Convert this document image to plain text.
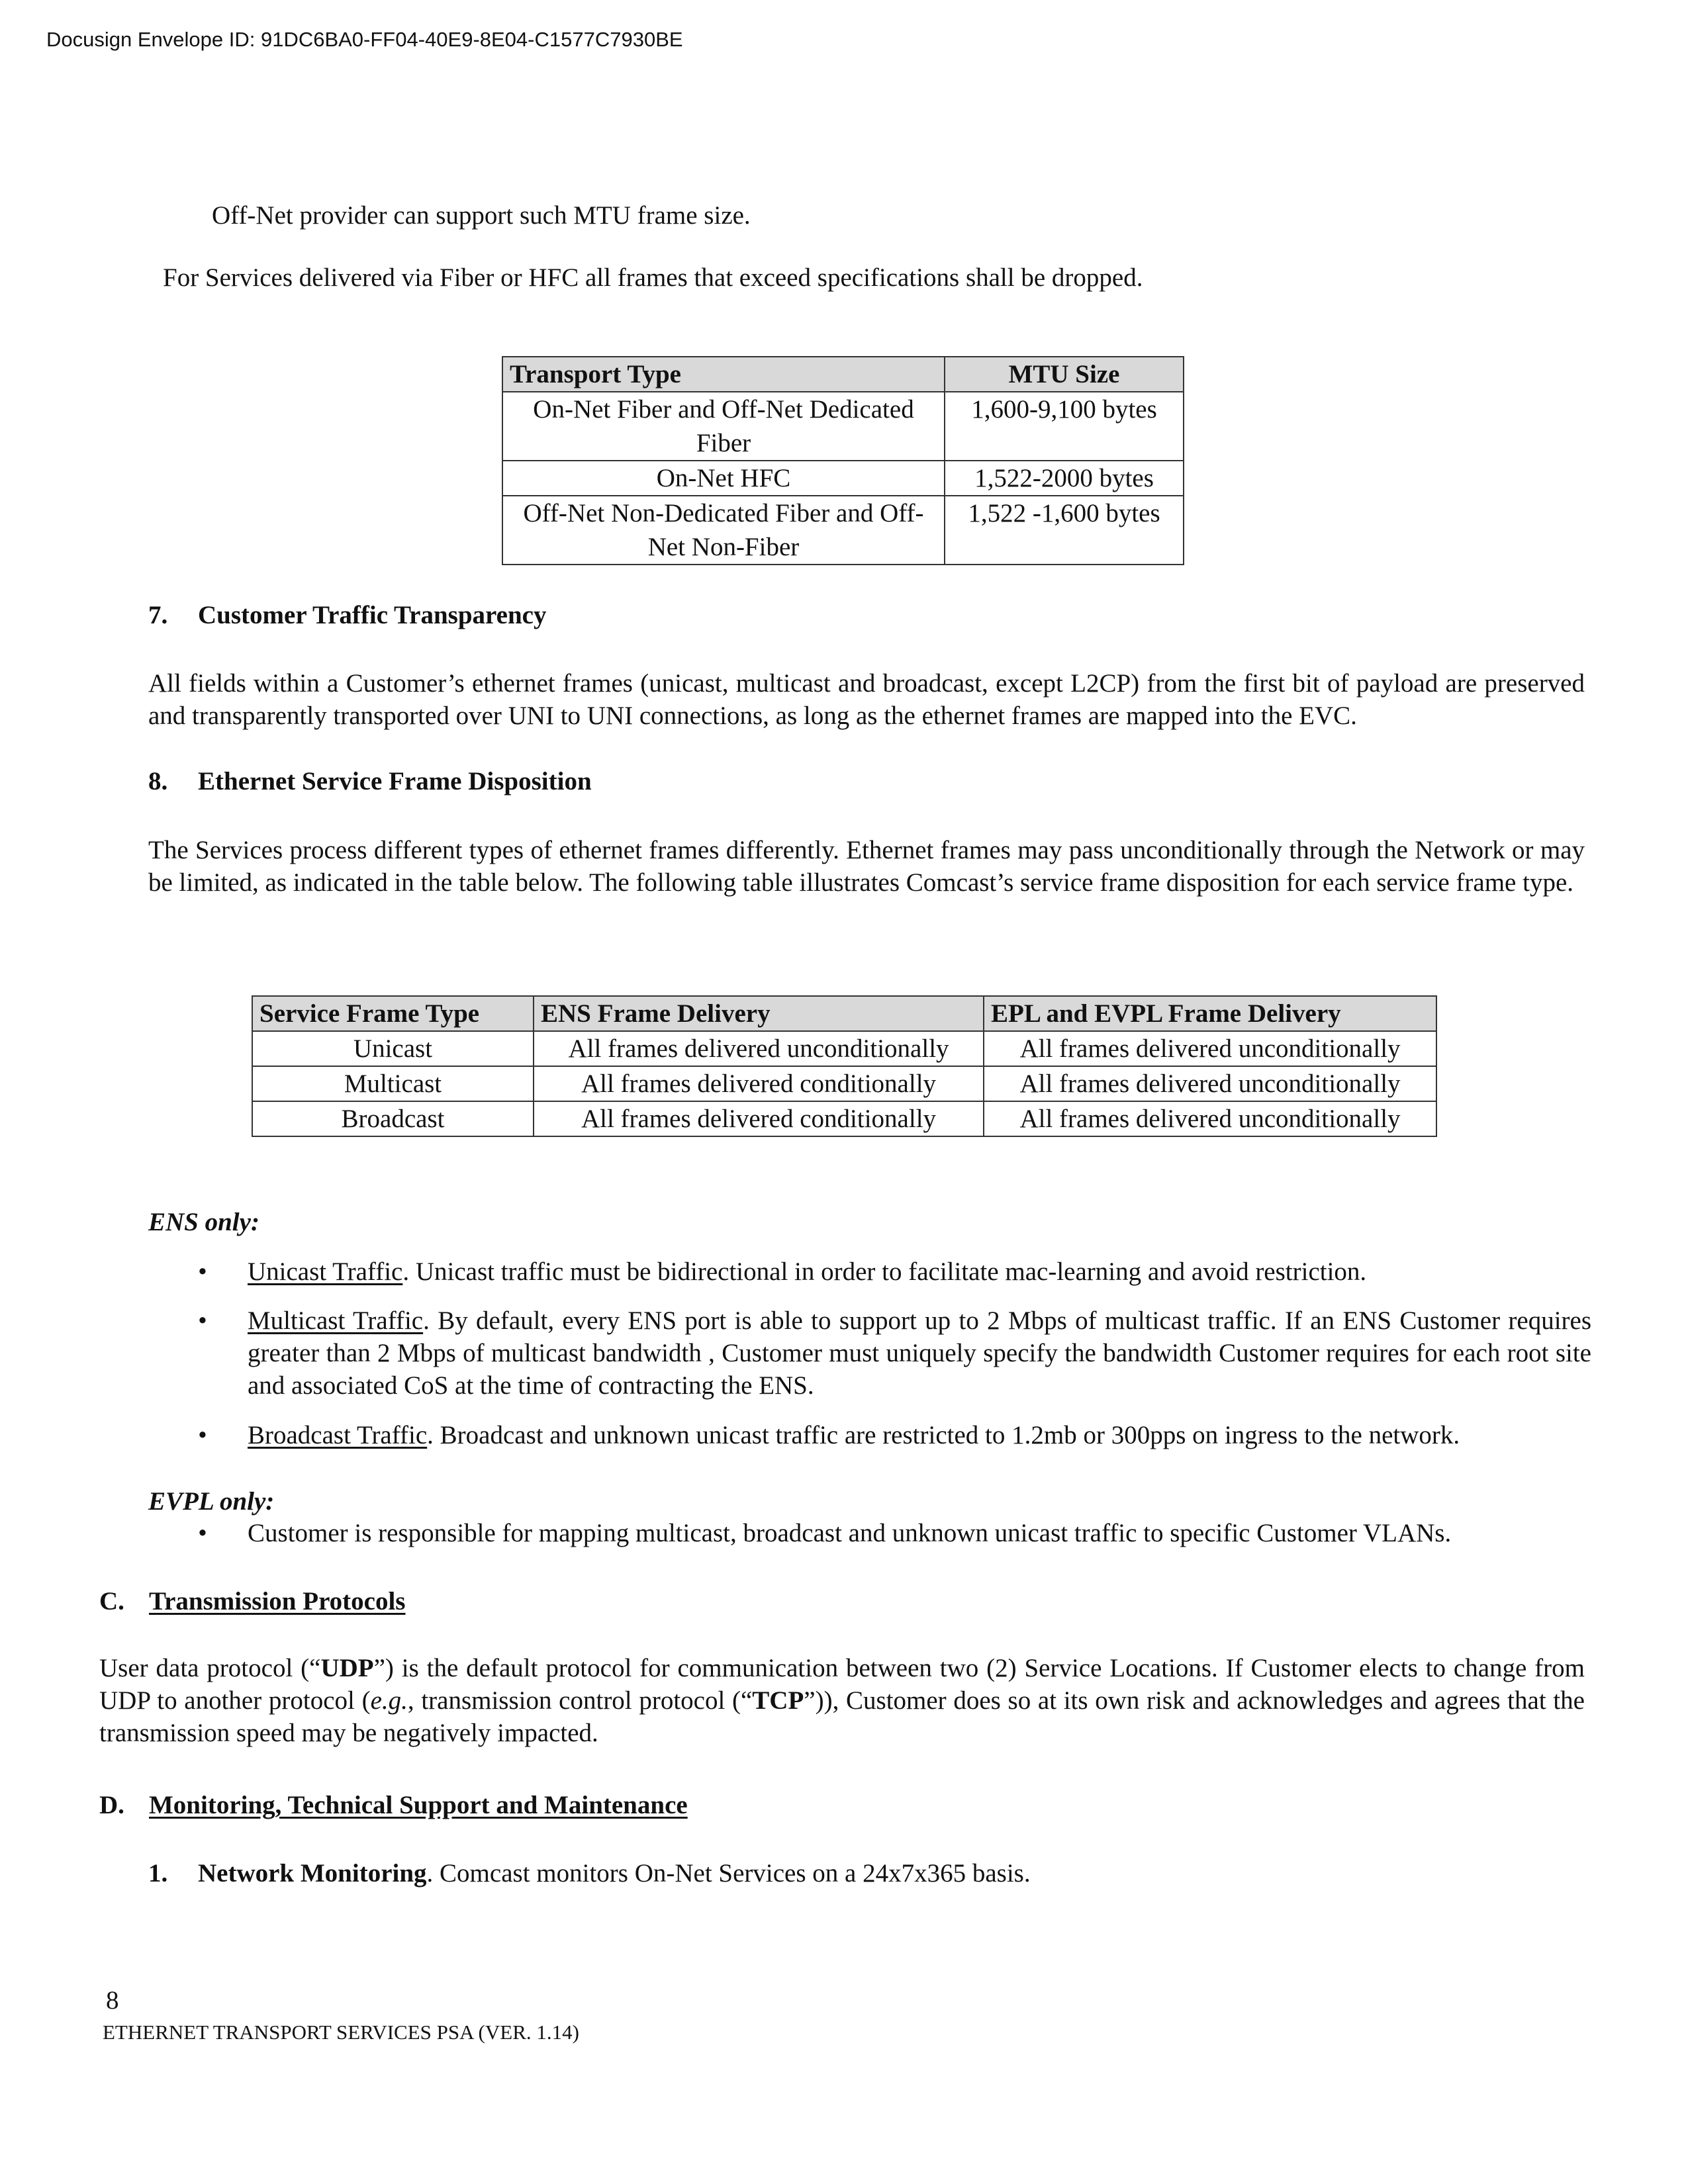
Docusign Envelope ID: 91DC6BA0-FF04-40E9-8E04-C1577C7930BE
Off-Net provider can support such MTU frame size.
For Services delivered via Fiber or HFC all frames that exceed specifications shall be dropped.
Transport Type	MTU Size
On-Net Fiber and Off-Net Dedicated Fiber	1,600-9,100 bytes
On-Net HFC	1,522-2000 bytes
Off-Net Non-Dedicated Fiber and Off-Net Non-Fiber	1,522 -1,600 bytes
7. Customer Traffic Transparency
All fields within a Customer’s ethernet frames (unicast, multicast and broadcast, except L2CP) from the first bit of payload are preserved and transparently transported over UNI to UNI connections, as long as the ethernet frames are mapped into the EVC.
8. Ethernet Service Frame Disposition
The Services process different types of ethernet frames differently. Ethernet frames may pass unconditionally through the Network or may be limited, as indicated in the table below. The following table illustrates Comcast’s service frame disposition for each service frame type.
Service Frame Type	ENS Frame Delivery	EPL and EVPL Frame Delivery
Unicast	All frames delivered unconditionally	All frames delivered unconditionally
Multicast	All frames delivered conditionally	All frames delivered unconditionally
Broadcast	All frames delivered conditionally	All frames delivered unconditionally
ENS only:
• Unicast Traffic. Unicast traffic must be bidirectional in order to facilitate mac-learning and avoid restriction.
• Multicast Traffic. By default, every ENS port is able to support up to 2 Mbps of multicast traffic. If an ENS Customer requires greater than 2 Mbps of multicast bandwidth , Customer must uniquely specify the bandwidth Customer requires for each root site and associated CoS at the time of contracting the ENS.
• Broadcast Traffic. Broadcast and unknown unicast traffic are restricted to 1.2mb or 300pps on ingress to the network.
EVPL only:
• Customer is responsible for mapping multicast, broadcast and unknown unicast traffic to specific Customer VLANs.
C. Transmission Protocols
User data protocol (“UDP”) is the default protocol for communication between two (2) Service Locations. If Customer elects to change from UDP to another protocol (e.g., transmission control protocol (“TCP”)), Customer does so at its own risk and acknowledges and agrees that the transmission speed may be negatively impacted.
D. Monitoring, Technical Support and Maintenance
1. Network Monitoring. Comcast monitors On-Net Services on a 24x7x365 basis.
8
ETHERNET TRANSPORT SERVICES PSA (VER. 1.14)
